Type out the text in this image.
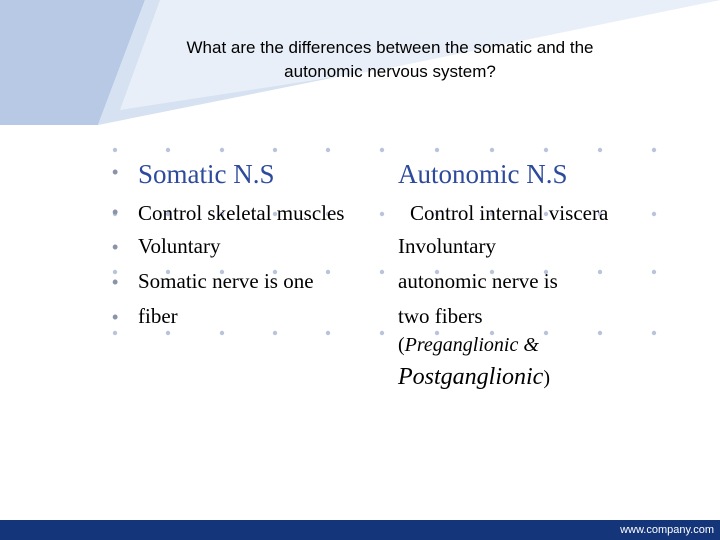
What are the differences between the somatic and the
autonomic nervous system?
• Somatic N.S	Autonomic N.S
•
•
•
•
Control skeletal muscles
Voluntary
Somatic nerve is one
fiber
Control internal viscera
Involuntary
autonomic nerve is
two fibers
(Preganglionic &
Postganglionic)
www.company.com
